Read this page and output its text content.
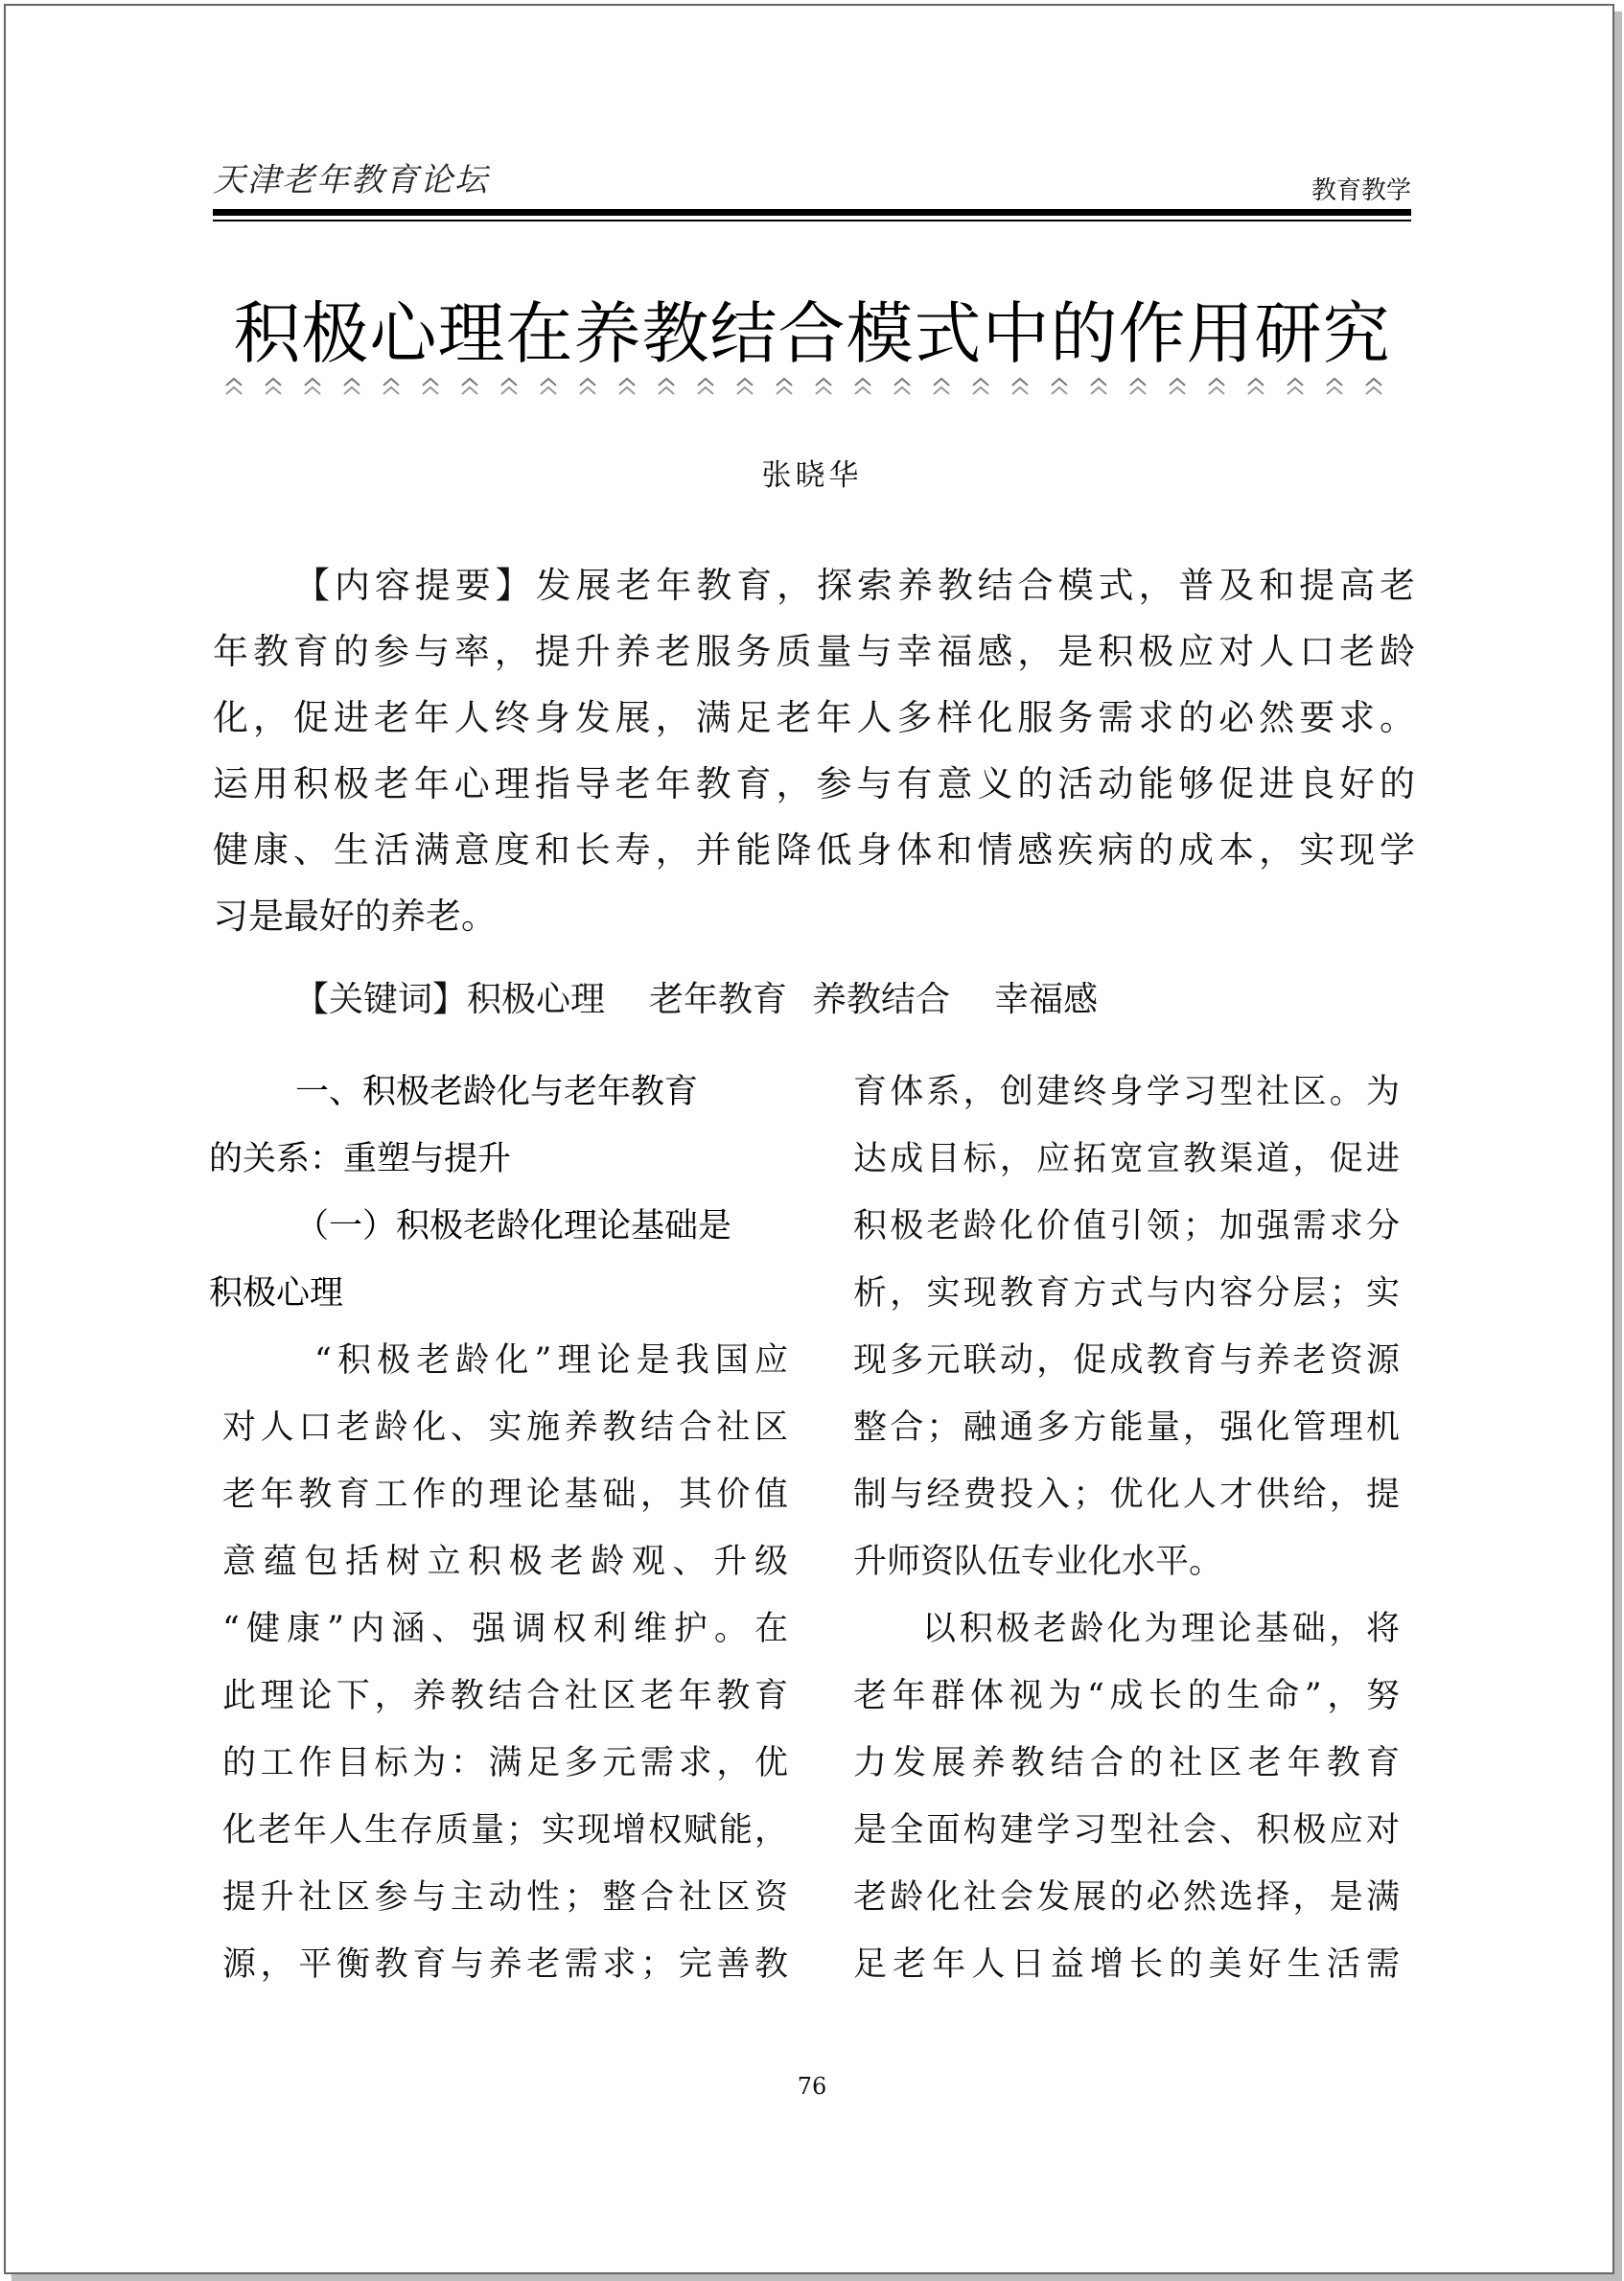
天津老年教育论坛	教育教学
积极心理在养教结合模式中的作用研究
张晓华
【内容提要】发展老年教育，探索养教结合模式，普及和提高老
年教育的参与率，提升养老服务质量与幸福感，是积极应对人口老龄
化，促进老年人终身发展，满足老年人多样化服务需求的必然要求。
运用积极老年心理指导老年教育，参与有意义的活动能够促进良好的
健康、生活满意度和长寿，并能降低身体和情感疾病的成本，实现学
习是最好的养老。
【关键词】积极心理 老年教育 养教结合 幸福感
一、积极老龄化与老年教育
的关系：重塑与提升
（一）积极老龄化理论基础是
积极心理
“积极老龄化”理论是我国应
对人口老龄化、实施养教结合社区
老年教育工作的理论基础，其价值
意蕴包括树立积极老龄观、升级
“健康”内涵、强调权利维护。在
此理论下，养教结合社区老年教育
的工作目标为：满足多元需求，优
化老年人生存质量；实现增权赋能，
提升社区参与主动性；整合社区资
源，平衡教育与养老需求；完善教
育体系，创建终身学习型社区。为
达成目标，应拓宽宣教渠道，促进
积极老龄化价值引领；加强需求分
析，实现教育方式与内容分层；实
现多元联动，促成教育与养老资源
整合；融通多方能量，强化管理机
制与经费投入；优化人才供给，提
升师资队伍专业化水平。
以积极老龄化为理论基础，将
老年群体视为“成长的生命”，努
力发展养教结合的社区老年教育
是全面构建学习型社会、积极应对
老龄化社会发展的必然选择，是满
足老年人日益增长的美好生活需
76
